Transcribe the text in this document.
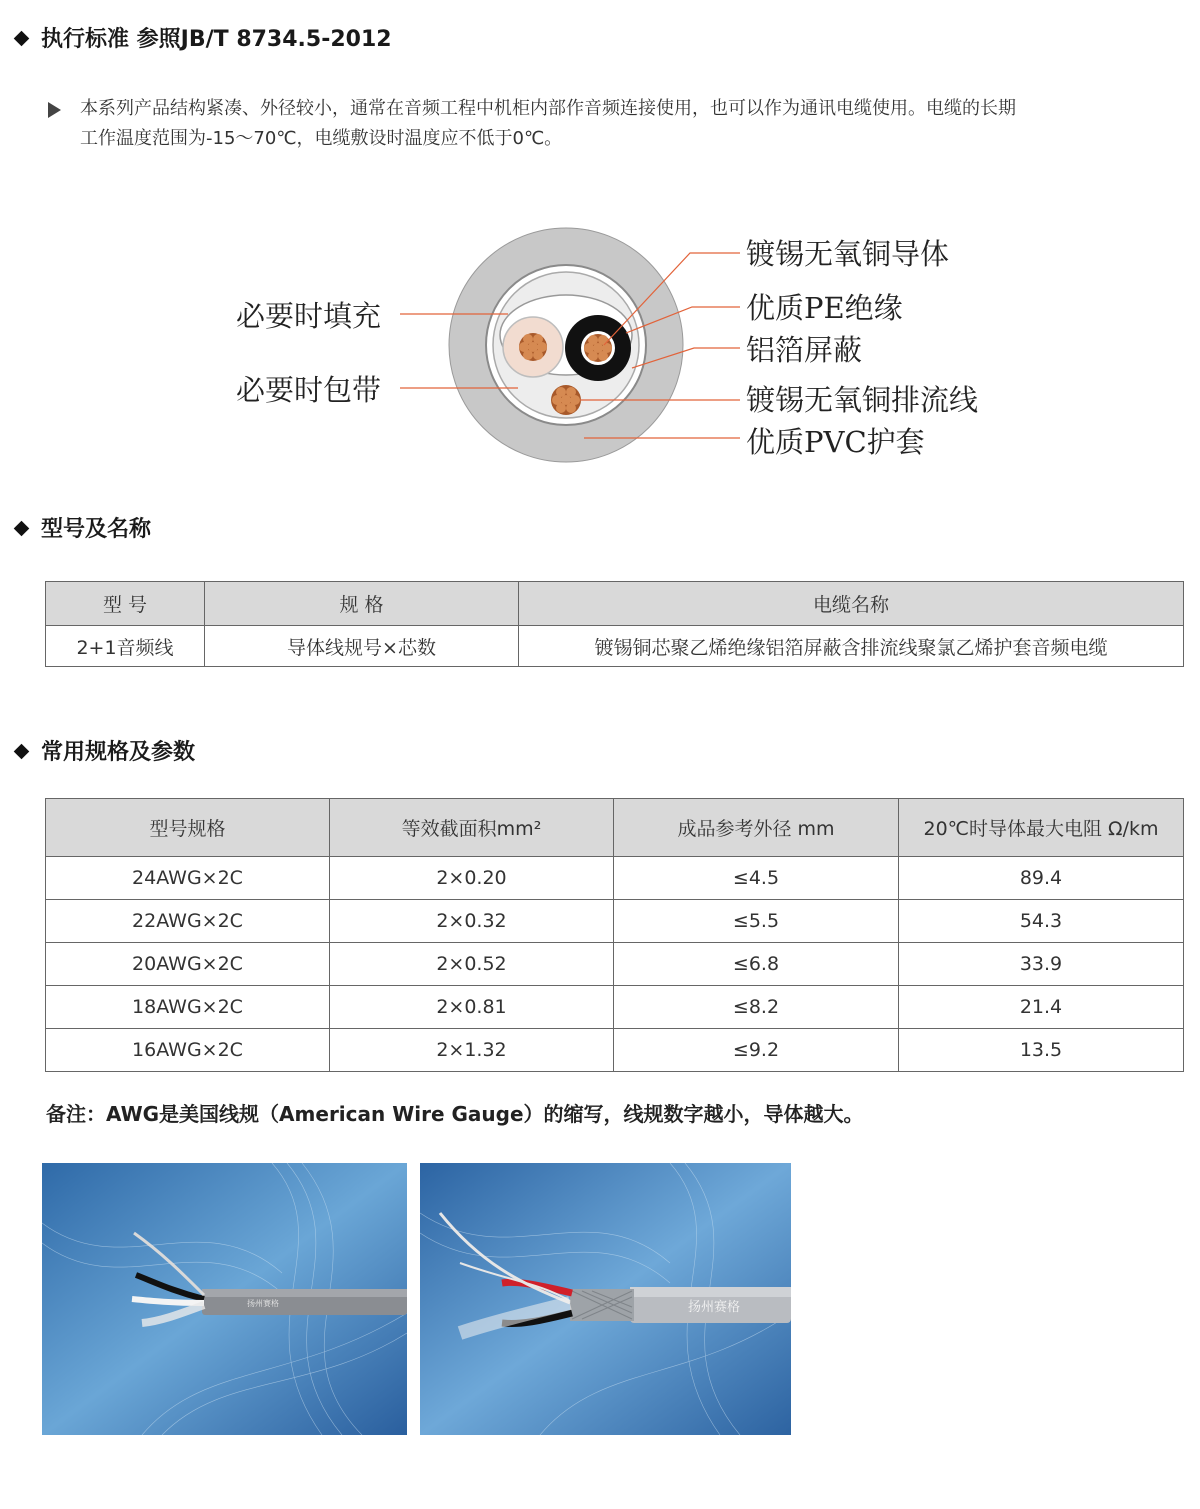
执行标准 参照JB/T 8734.5-2012
本系列产品结构紧凑、外径较小，通常在音频工程中机柜内部作音频连接使用，也可以作为通讯电缆使用。电缆的长期
工作温度范围为-15～70℃，电缆敷设时温度应不低于0℃。
镀锡无氧铜导体
优质PE绝缘
铝箔屏蔽
镀锡无氧铜排流线
优质PVC护套
必要时填充
必要时包带
型号及名称
型 号	规 格	电缆名称
2+1音频线	导体线规号×芯数	镀锡铜芯聚乙烯绝缘铝箔屏蔽含排流线聚氯乙烯护套音频电缆
常用规格及参数
型号规格	等效截面积mm²	成品参考外径 mm	20℃时导体最大电阻 Ω/km
24AWG×2C	2×0.20	≤4.5	89.4
22AWG×2C	2×0.32	≤5.5	54.3
20AWG×2C	2×0.52	≤6.8	33.9
18AWG×2C	2×0.81	≤8.2	21.4
16AWG×2C	2×1.32	≤9.2	13.5
备注：AWG是美国线规（American Wire Gauge）的缩写，线规数字越小，导体越大。
扬州赛格	扬州赛格
